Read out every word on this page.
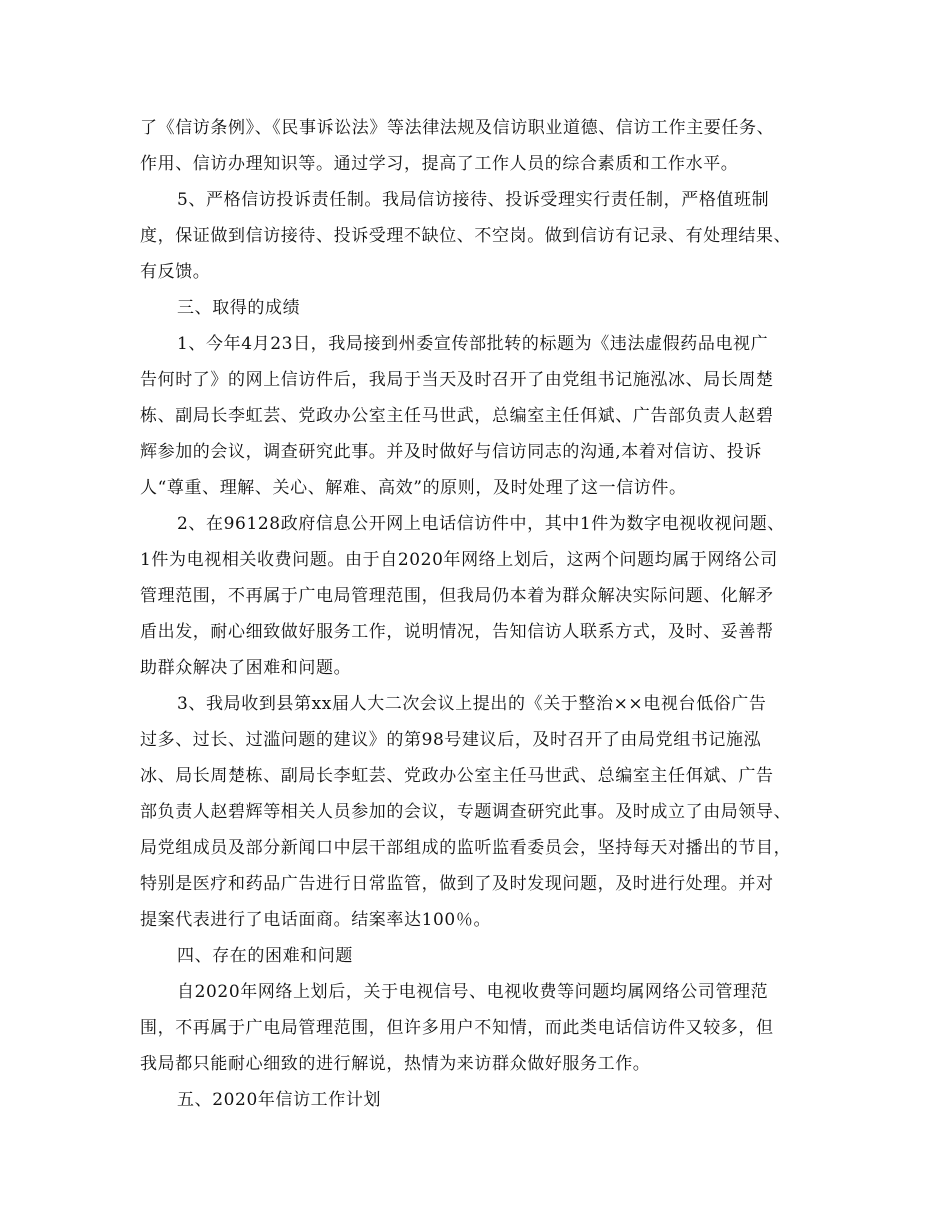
了《信访条例》、《民事诉讼法》等法律法规及信访职业道德、信访工作主要任务、
作用、信访办理知识等。通过学习，提高了工作人员的综合素质和工作水平。
5、严格信访投诉责任制。我局信访接待、投诉受理实行责任制，严格值班制
度，保证做到信访接待、投诉受理不缺位、不空岗。做到信访有记录、有处理结果、
有反馈。
三、取得的成绩
1、今年4月23日，我局接到州委宣传部批转的标题为《违法虚假药品电视广
告何时了》的网上信访件后，我局于当天及时召开了由党组书记施泓冰、局长周楚
栋、副局长李虹芸、党政办公室主任马世武，总编室主任佴斌、广告部负责人赵碧
辉参加的会议，调查研究此事。并及时做好与信访同志的沟通,本着对信访、投诉
人“尊重、理解、关心、解难、高效”的原则，及时处理了这一信访件。
2、在96128政府信息公开网上电话信访件中，其中1件为数字电视收视问题、
1件为电视相关收费问题。由于自2020年网络上划后，这两个问题均属于网络公司
管理范围，不再属于广电局管理范围，但我局仍本着为群众解决实际问题、化解矛
盾出发，耐心细致做好服务工作，说明情况，告知信访人联系方式，及时、妥善帮
助群众解决了困难和问题。
3、我局收到县第xx届人大二次会议上提出的《关于整治××电视台低俗广告
过多、过长、过滥问题的建议》的第98号建议后，及时召开了由局党组书记施泓
冰、局长周楚栋、副局长李虹芸、党政办公室主任马世武、总编室主任佴斌、广告
部负责人赵碧辉等相关人员参加的会议，专题调查研究此事。及时成立了由局领导、
局党组成员及部分新闻口中层干部组成的监听监看委员会，坚持每天对播出的节目，
特别是医疗和药品广告进行日常监管，做到了及时发现问题，及时进行处理。并对
提案代表进行了电话面商。结案率达100％。
四、存在的困难和问题
自2020年网络上划后，关于电视信号、电视收费等问题均属网络公司管理范
围，不再属于广电局管理范围，但许多用户不知情，而此类电话信访件又较多，但
我局都只能耐心细致的进行解说，热情为来访群众做好服务工作。
五、2020年信访工作计划
